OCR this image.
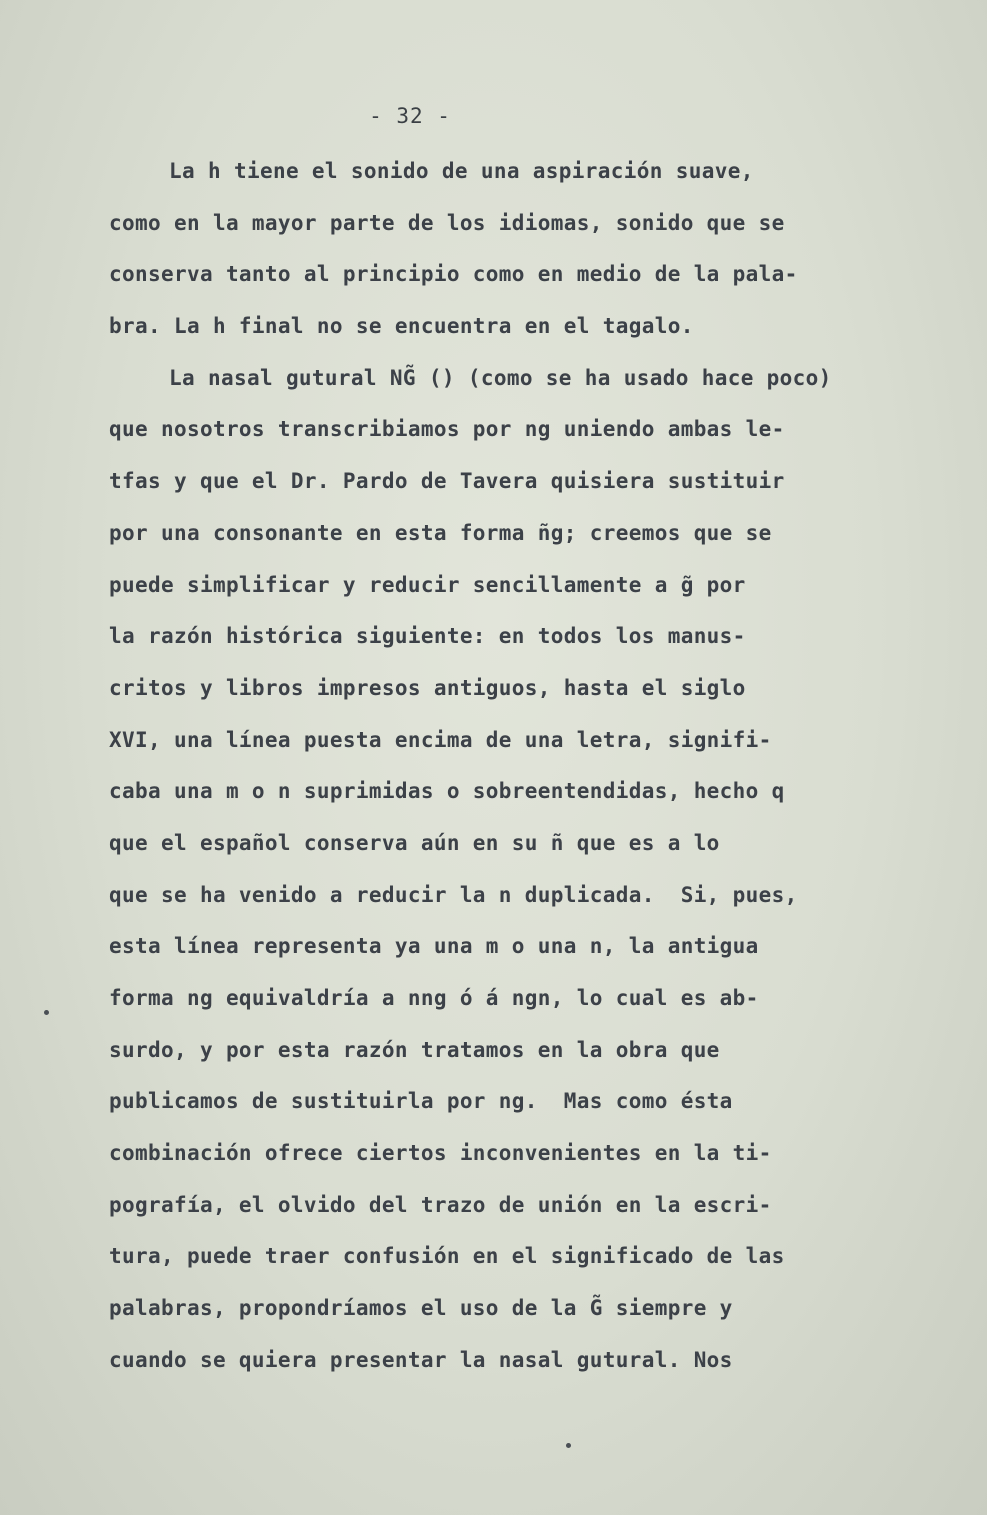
- 32 -
La h tiene el sonido de una aspiración suave,
como en la mayor parte de los idiomas, sonido que se
conserva tanto al principio como en medio de la pala-
bra. La h final no se encuentra en el tagalo.
La nasal gutural NG̃ () (como se ha usado hace poco)
que nosotros transcribiamos por ng uniendo ambas le-
tfas y que el Dr. Pardo de Tavera quisiera sustituir
por una consonante en esta forma ñg; creemos que se
puede simplificar y reducir sencillamente a g̃ por
la razón histórica siguiente: en todos los manus-
critos y libros impresos antiguos, hasta el siglo
XVI, una línea puesta encima de una letra, signifi-
caba una m o n suprimidas o sobreentendidas, hecho q
que el español conserva aún en su ñ que es a lo
que se ha venido a reducir la n duplicada.  Si, pues,
esta línea representa ya una m o una n, la antigua
forma ng equivaldría a nng ó á ngn, lo cual es ab-
surdo, y por esta razón tratamos en la obra que
publicamos de sustituirla por ng.  Mas como ésta
combinación ofrece ciertos inconvenientes en la ti-
pografía, el olvido del trazo de unión en la escri-
tura, puede traer confusión en el significado de las
palabras, propondríamos el uso de la G̃ siempre y
cuando se quiera presentar la nasal gutural. Nos
